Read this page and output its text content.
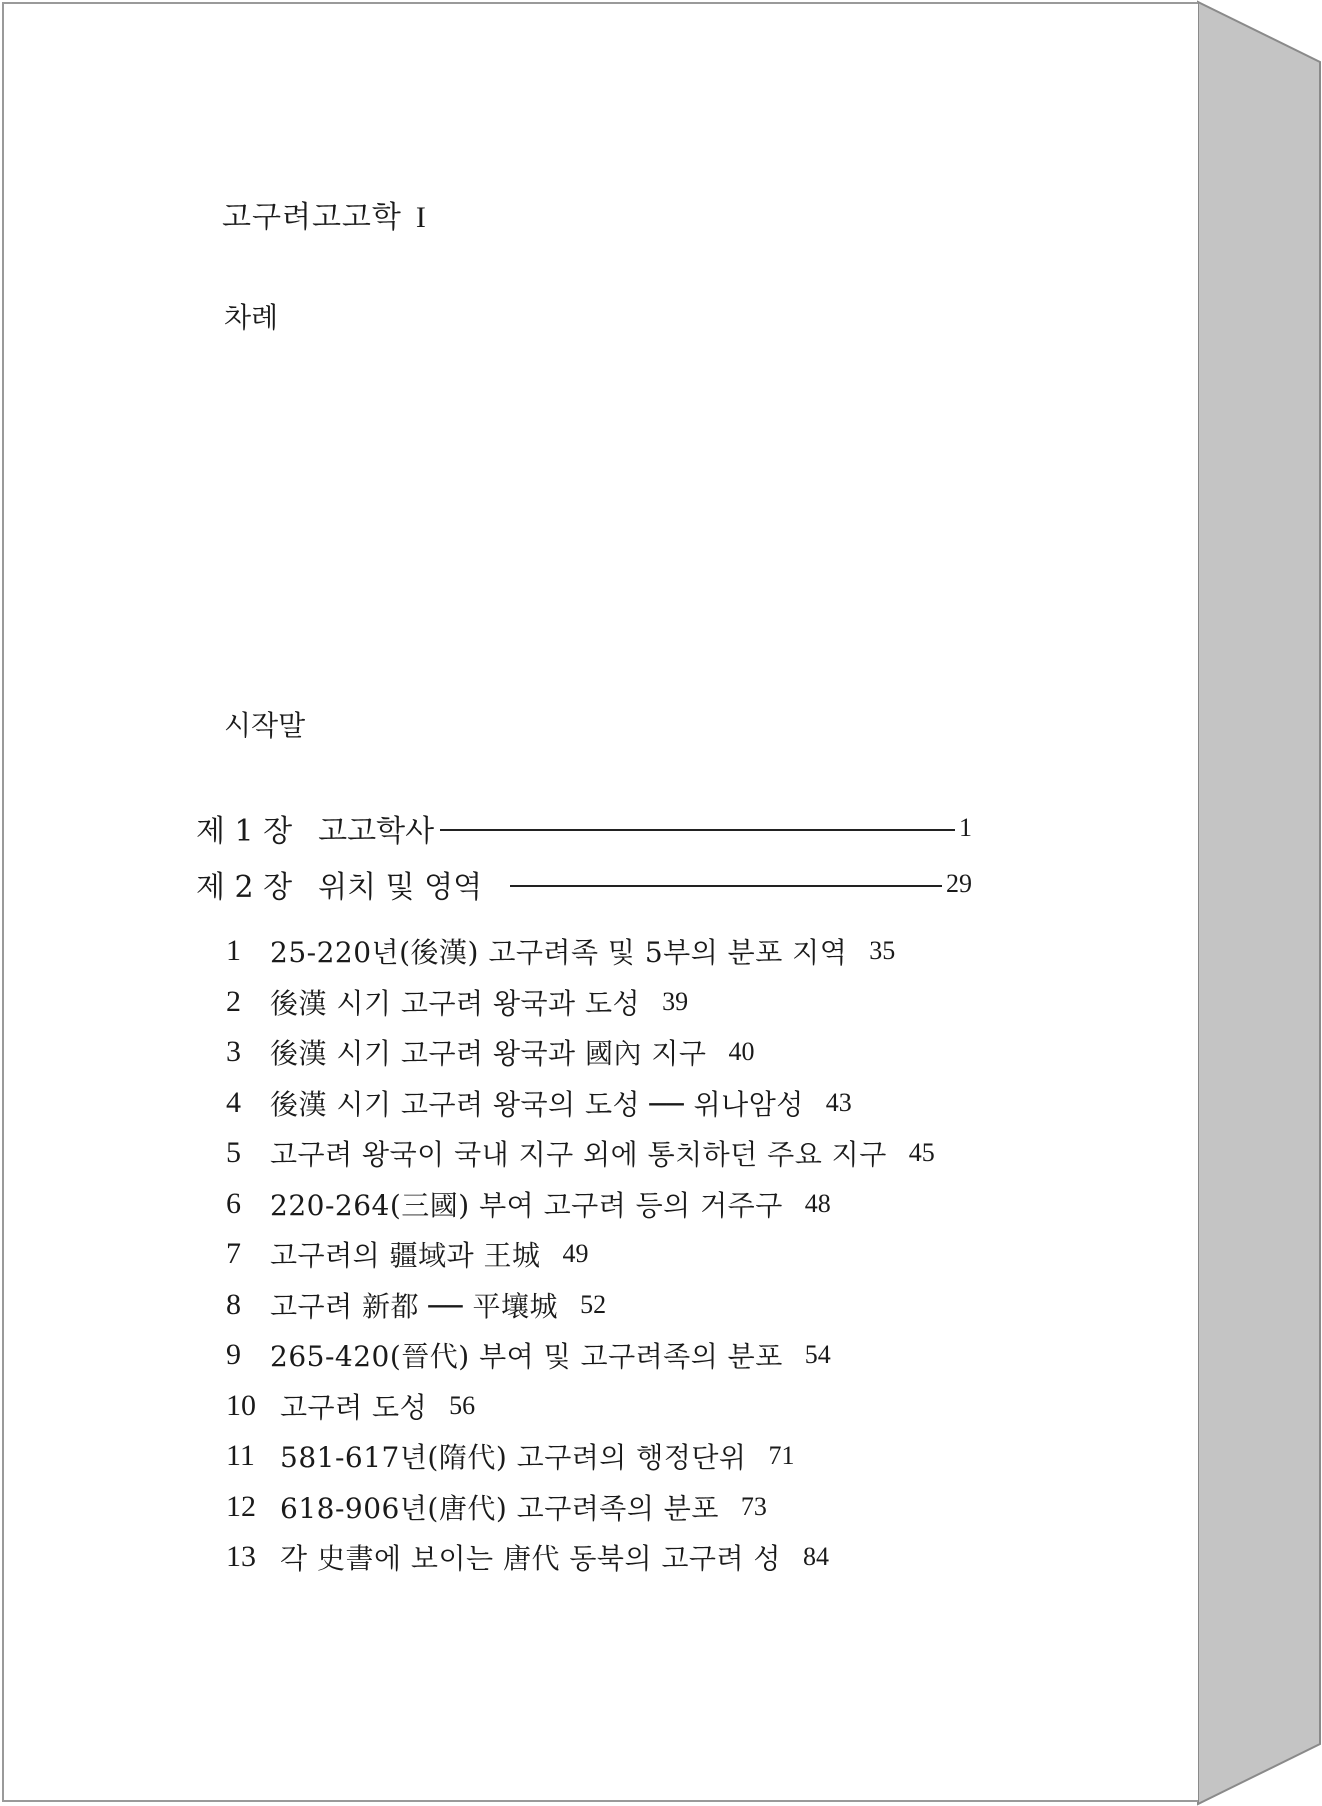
고구려고고학 I
차례
시작말
제 1 장 고고학사	1
제 2 장 위치 및 영역	29
1	25-220년(後漢) 고구려족 및 5부의 분포 지역 35
2	後漢 시기 고구려 왕국과 도성 39
3	後漢 시기 고구려 왕국과 國內 지구 40
4	後漢 시기 고구려 왕국의 도성 ── 위나암성 43
5	고구려 왕국이 국내 지구 외에 통치하던 주요 지구 45
6	220-264(三國) 부여 고구려 등의 거주구 48
7	고구려의 疆域과 王城 49
8	고구려 新都 ── 平壤城 52
9	265-420(晉代) 부여 및 고구려족의 분포 54
10 고구려 도성 56
11 581-617년(隋代) 고구려의 행정단위 71
12 618-906년(唐代) 고구려족의 분포 73
13 각 史書에 보이는 唐代 동북의 고구려 성 84
